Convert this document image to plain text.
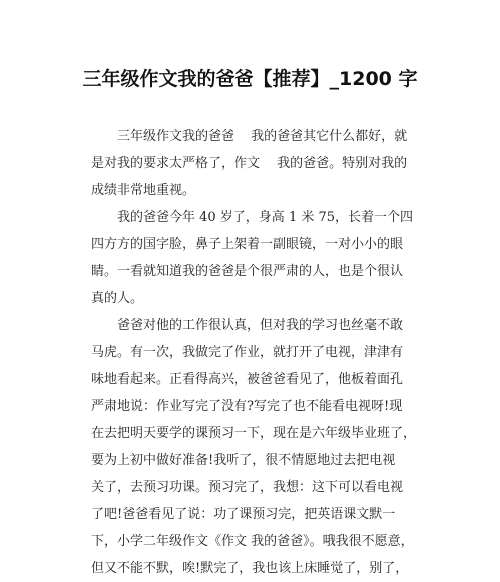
三年级作文我的爸爸【推荐】_1200 字
三年级作文我的爸爸　 我的爸爸其它什么都好，就
是对我的要求太严格了，作文　 我的爸爸。特别对我的
成绩非常地重视。
我的爸爸今年 40 岁了，身高 1 米 75，长着一个四
四方方的国字脸，鼻子上架着一副眼镜，一对小小的眼
睛。一看就知道我的爸爸是个很严肃的人，也是个很认
真的人。
爸爸对他的工作很认真，但对我的学习也丝毫不敢
马虎。有一次，我做完了作业，就打开了电视，津津有
味地看起来。正看得高兴，被爸爸看见了，他板着面孔
严肃地说：作业写完了没有?写完了也不能看电视呀!现
在去把明天要学的课预习一下，现在是六年级毕业班了，
要为上初中做好准备!我听了，很不情愿地过去把电视
关了，去预习功课。预习完了，我想：这下可以看电视
了吧!爸爸看见了说：功了课预习完，把英语课文默一
下，小学二年级作文《作文 我的爸爸》。哦我很不愿意，
但又不能不默，唉!默完了，我也该上床睡觉了，别了，
